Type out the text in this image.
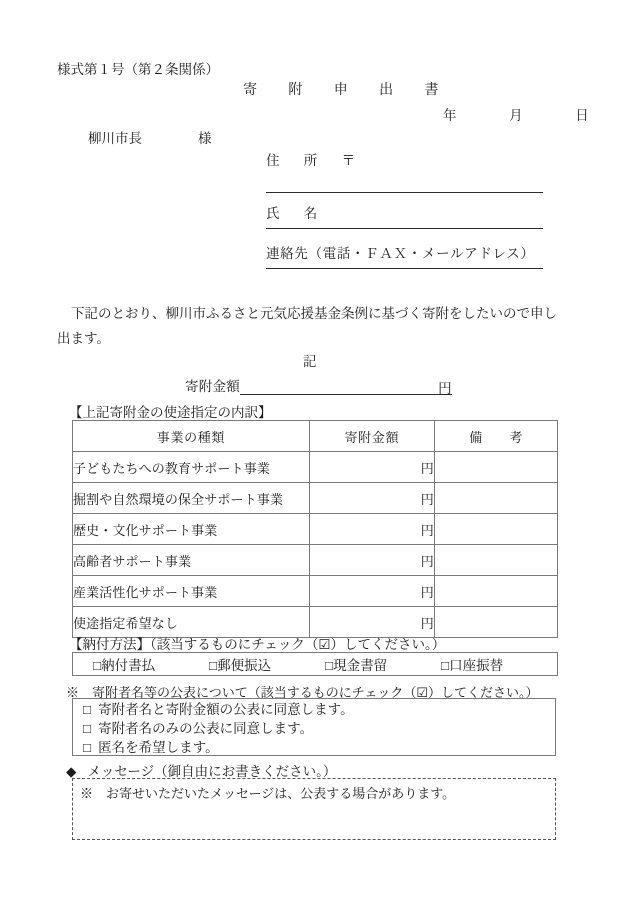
様式第１号（第２条関係）
寄　附　申　出　書
年　月　日
柳川市長	様
住　所　〒
氏　名
連絡先（電話・ＦＡＸ・メールアドレス）
下記のとおり、柳川市ふるさと元気応援基金条例に基づく寄附をしたいので申し出ます。
記
寄附金額	円
【上記寄附金の使途指定の内訳】
事業の種類	寄附金額	備　考
子どもたちへの教育サポート事業	円	
掘割や自然環境の保全サポート事業	円	
歴史・文化サポート事業	円	
高齢者サポート事業	円	
産業活性化サポート事業	円	
使途指定希望なし	円	
【納付方法】（該当するものにチェック（☑）してください。）
□納付書払	□郵便振込	□現金書留	□口座振替
※　寄附者名等の公表について（該当するものにチェック（☑）してください。）
□ 寄附者名と寄附金額の公表に同意します。
□ 寄附者名のみの公表に同意します。
□ 匿名を希望します。
◆ メッセージ（御自由にお書きください。）
※　お寄せいただいたメッセージは、公表する場合があります。
